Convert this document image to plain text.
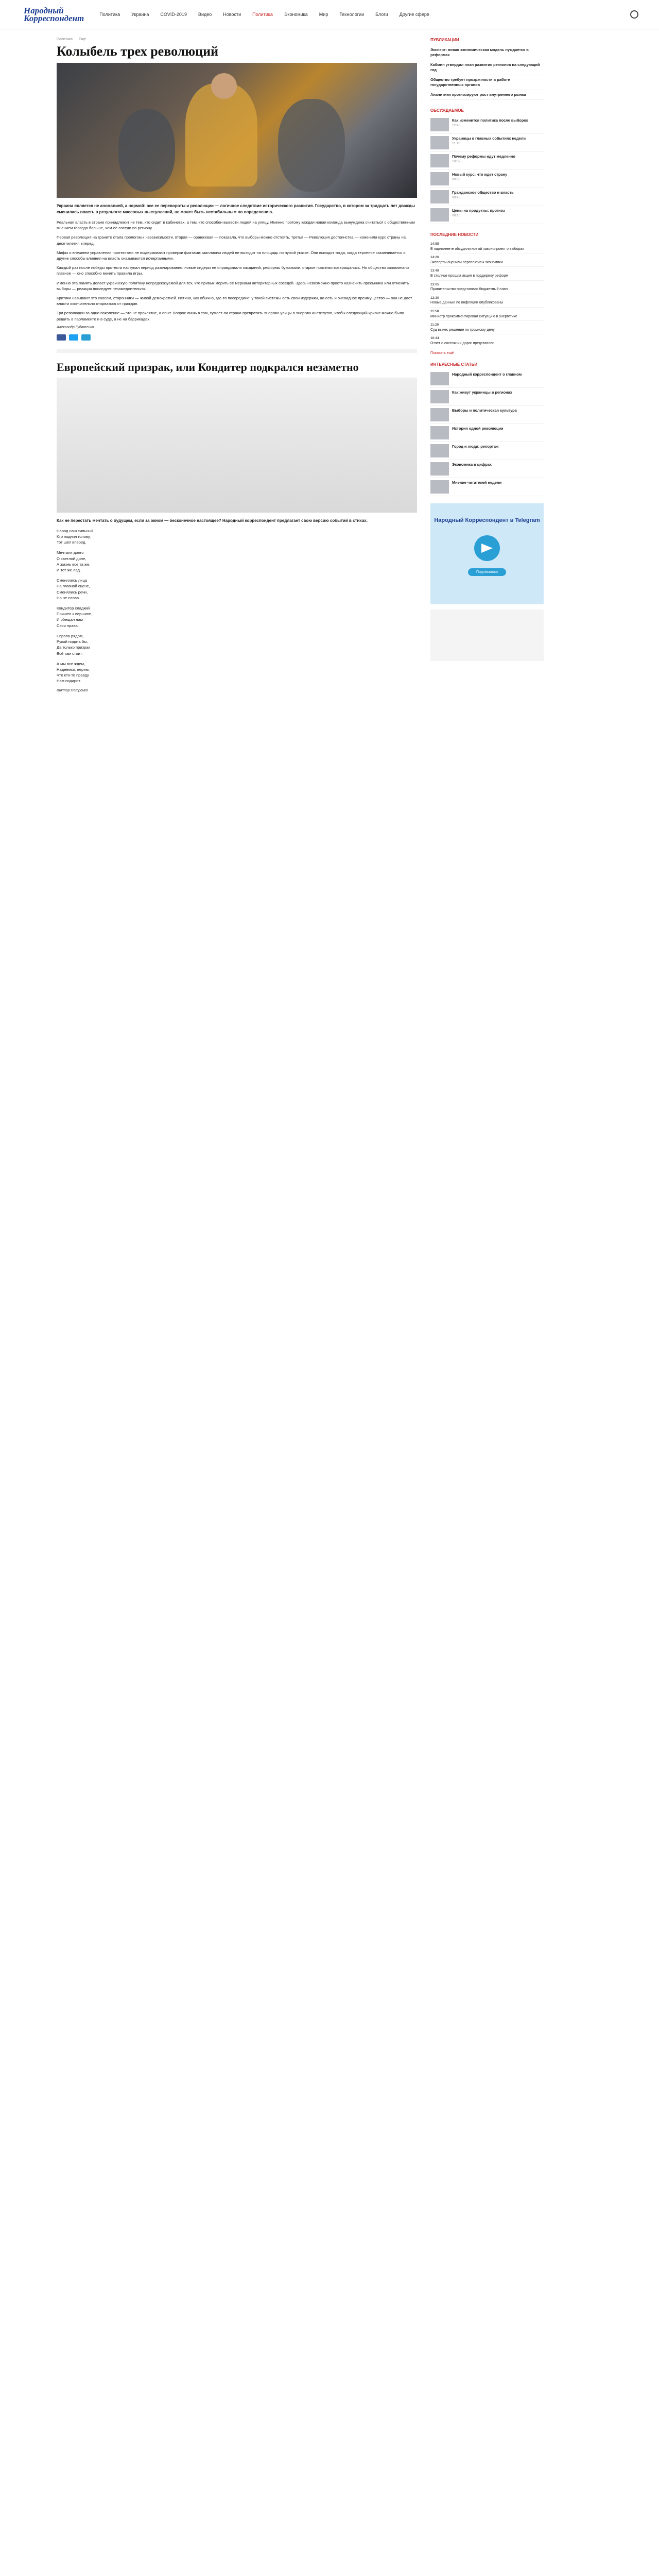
Народный
Корреспондент	Политика Украина COVID-2019 Видео Новости Политика Экономика Мир Технологии Блоги Другие сфере
Политика Ещё
Колыбель трех революций
Украина является не аномалией, а нормой: все ее перевороты и революции — логичное следствие исторического развития. Государство, в котором за тридцать лет дважды сменилась власть в результате массовых выступлений, не может быть нестабильным по определению.

Реальная власть в стране принадлежит не тем, кто сидит в кабинетах, а тем, кто способен вывести людей на улицу. Именно поэтому каждая новая команда вынуждена считаться с общественным мнением гораздо больше, чем ее соседи по региону.

Первая революция на граните стала прологом к независимости, вторая — оранжевая — показала, что выборы можно отстоять, третья — Революция достоинства — изменила курс страны на десятилетия вперед.

Мифы о внешнем управлении протестами не выдерживают проверки фактами: миллионы людей не выходят на площадь по чужой указке. Они выходят тогда, когда терпение заканчивается и другие способы влияния на власть оказываются исчерпанными.

Каждый раз после победы протеста наступал период разочарования: новые лидеры не оправдывали ожиданий, реформы буксовали, старые практики возвращались. Но общество запоминало главное — оно способно менять правила игры.

Именно эта память делает украинскую политику непредсказуемой для тех, кто привык мерить ее мерками авторитарных соседей. Здесь невозможно просто назначить преемника или отменить выборы — реакция последует незамедлительно.

Критики называют это хаосом, сторонники — живой демократией. Истина, как обычно, где-то посередине: у такой системы есть свои издержки, но есть и очевидное преимущество — она не дает власти окончательно оторваться от граждан.

Три революции за одно поколение — это не проклятие, а опыт. Вопрос лишь в том, сумеет ли страна превратить энергию улицы в энергию институтов, чтобы следующий кризис можно было решить в парламенте и в суде, а не на баррикадах.

Александр Губатенко
Европейский призрак, или Кондитер подкрался незаметно
Как не перестать мечтать о будущем, если за окном — бесконечное настоящее? Народный корреспондент предлагает свою версию событий в стихах.

Народ наш сильный,
Кто поднял голову,
Тот шел вперед.

Мечтали долго
О светлой доле,
А жизнь все та же,
И тот же лед.

Сменялись лица
На главной сцене,
Сменялись речи,
Но не слова.

Кондитер сладкий
Пришел к вершине,
И обещал нам
Свои права.

Европа рядом,
Рукой подать бы,
Да только призрак
Всё там стоит.

А мы все ждем,
Надеемся, верим,
Что кто-то правду
Нам подарит.

Виктор Петренко
ПУБЛИКАЦИИ
Эксперт: новая экономическая модель нуждается в реформах
Кабмин утвердил план развития регионов на следующий год
Общество требует прозрачности в работе государственных органов
Аналитики прогнозируют рост внутреннего рынка
ОБСУЖДАЕМОЕ
Как изменится политика после выборов
12:40
Украинцы о главных событиях недели
11:15
Почему реформы идут медленно
10:02
Новый курс: что ждет страну
09:30
Гражданское общество и власть
08:45
Цены на продукты: прогноз
08:10
ПОСЛЕДНИЕ НОВОСТИ
14:55
В парламенте обсудили новый законопроект о выборах
14:20
Эксперты оценили перспективы экономики
13:48
В столице прошла акция в поддержку реформ
13:05
Правительство представило бюджетный план
12:30
Новые данные по инфляции опубликованы
11:58
Министр прокомментировал ситуацию в энергетике
11:20
Суд вынес решение по громкому делу
10:44
Отчет о состоянии дорог представлен
Показать ещё
ИНТЕРЕСНЫЕ СТАТЬИ
Народный корреспондент о главном
Как живут украинцы в регионах
Выборы и политическая культура
История одной революции
Город и люди: репортаж
Экономика в цифрах
Мнение читателей недели
Народный Корреспондент в Telegram
Подписаться
